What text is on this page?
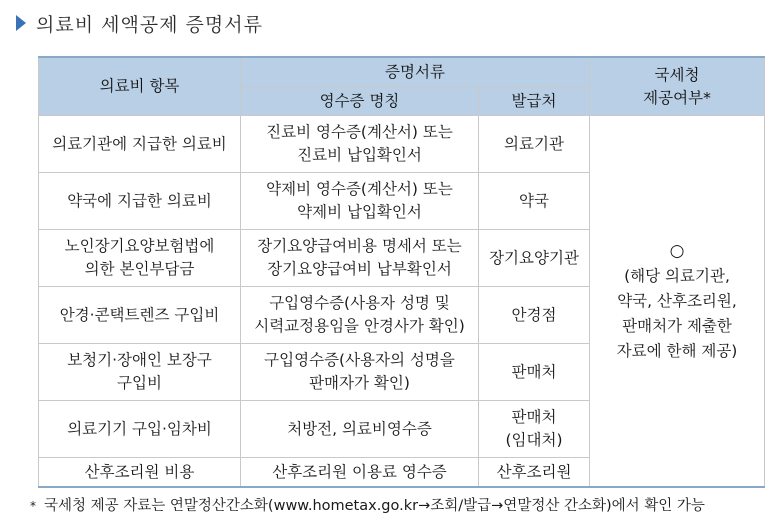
의료비 세액공제 증명서류
의료비 항목	증명서류		국세청
제공여부*

	영수증 명칭	발급처	

의료기관에 지급한 의료비	진료비 영수증(계산서) 또는
진료비 납입확인서	의료기관	○
(해당 의료기관,
약국, 산후조리원,
판매처가 제출한
자료에 한해 제공)

약국에 지급한 의료비	약제비 영수증(계산서) 또는
약제비 납입확인서	약국	

노인장기요양보험법에
의한 본인부담금	장기요양급여비용 명세서 또는
장기요양급여비 납부확인서	장기요양기관	

안경·콘택트렌즈 구입비	구입영수증(사용자 성명 및
시력교정용임을 안경사가 확인)	안경점	

보청기·장애인 보장구
구입비	구입영수증(사용자의 성명을
판매자가 확인)	판매처	

의료기기 구입·임차비	처방전, 의료비영수증	판매처
(임대처)	

산후조리원 비용	산후조리원 이용료 영수증	산후조리원	
* 국세청 제공 자료는 연말정산간소화(www.hometax.go.kr→조회/발급→연말정산 간소화)에서 확인 가능
